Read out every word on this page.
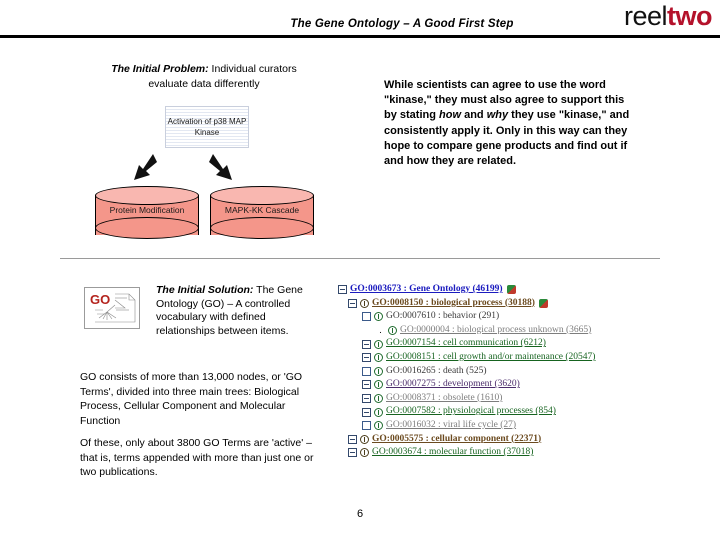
The Gene Ontology – A Good First Step	reeltwo
The Initial Problem: Individual curators evaluate data differently	While scientists can agree to use the word "kinase," they must also agree to support this by stating how and why they use "kinase," and consistently apply it. Only in this way can they hope to compare gene products and find out if and how they are related.
Activation of p38 MAP Kinase
Protein Modification	MAPK-KK Cascade
GO
The Initial Solution: The Gene Ontology (GO) – A controlled vocabulary with defined relationships between items.
GO consists of more than 13,000 nodes, or 'GO Terms', divided into three main trees: Biological Process, Cellular Component and Molecular Function
Of these, only about 3800 GO Terms are 'active' – that is, terms appended with more than just one or two publications.
GO:0003673 : Gene Ontology (46199)
GO:0008150 : biological process (30188)
GO:0007610 : behavior (291)
.	GO:0000004 : biological process unknown (3665)
GO:0007154 : cell communication (6212)
GO:0008151 : cell growth and/or maintenance (20547)
GO:0016265 : death (525)
GO:0007275 : development (3620)
GO:0008371 : obsolete (1610)
GO:0007582 : physiological processes (854)
GO:0016032 : viral life cycle (27)
GO:0005575 : cellular component (22371)
GO:0003674 : molecular function (37018)
6
